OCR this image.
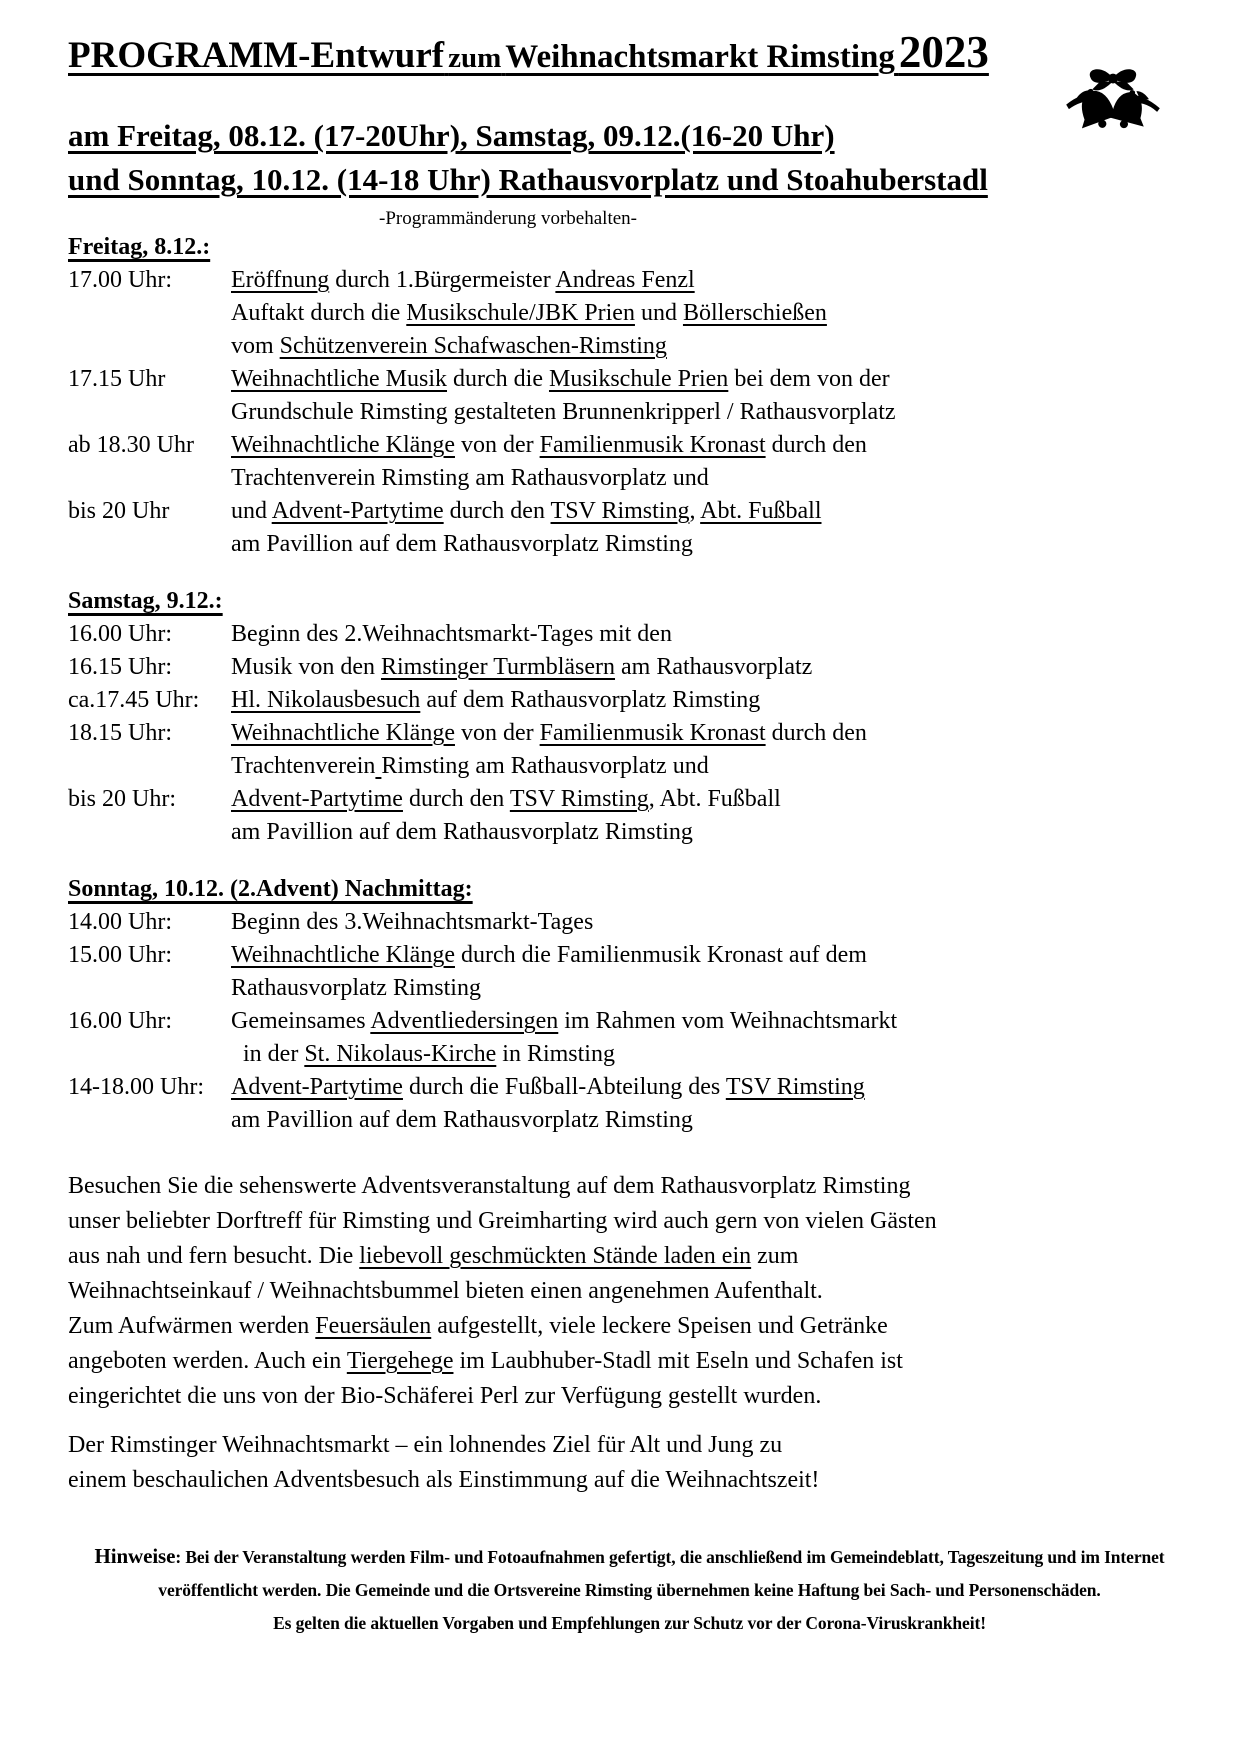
PROGRAMM-Entwurf zum Weihnachtsmarkt Rimsting 2023
am Freitag, 08.12. (17-20Uhr), Samstag, 09.12.(16-20 Uhr)
und Sonntag, 10.12. (14-18 Uhr) Rathausvorplatz und Stoahuberstadl
-Programmänderung vorbehalten-
Freitag, 8.12.:
17.00 Uhr: Eröffnung durch 1.Bürgermeister Andreas Fenzl
Auftakt durch die Musikschule/JBK Prien und Böllerschießen
vom Schützenverein Schafwaschen-Rimsting
17.15 Uhr	Weihnachtliche Musik durch die Musikschule Prien bei dem von der
Grundschule Rimsting gestalteten Brunnenkripperl / Rathausvorplatz
ab 18.30 Uhr Weihnachtliche Klänge von der Familienmusik Kronast durch den
Trachtenverein Rimsting am Rathausvorplatz und
bis 20 Uhr	und Advent-Partytime durch den TSV Rimsting, Abt. Fußball
am Pavillion auf dem Rathausvorplatz Rimsting
Samstag, 9.12.:
16.00 Uhr: Beginn des 2.Weihnachtsmarkt-Tages mit den
16.15 Uhr: Musik von den Rimstinger Turmbläsern am Rathausvorplatz
ca.17.45 Uhr: Hl. Nikolausbesuch auf dem Rathausvorplatz Rimsting
18.15 Uhr: Weihnachtliche Klänge von der Familienmusik Kronast durch den
Trachtenverein Rimsting am Rathausvorplatz und
bis 20 Uhr: Advent-Partytime durch den TSV Rimsting, Abt. Fußball
am Pavillion auf dem Rathausvorplatz Rimsting
Sonntag, 10.12. (2.Advent) Nachmittag:
14.00 Uhr: Beginn des 3.Weihnachtsmarkt-Tages
15.00 Uhr: Weihnachtliche Klänge durch die Familienmusik Kronast auf dem
Rathausvorplatz Rimsting
16.00 Uhr: Gemeinsames Adventliedersingen im Rahmen vom Weihnachtsmarkt
in der St. Nikolaus-Kirche in Rimsting
14-18.00 Uhr: Advent-Partytime durch die Fußball-Abteilung des TSV Rimsting
am Pavillion auf dem Rathausvorplatz Rimsting
Besuchen Sie die sehenswerte Adventsveranstaltung auf dem Rathausvorplatz Rimsting
unser beliebter Dorftreff für Rimsting und Greimharting wird auch gern von vielen Gästen
aus nah und fern besucht. Die liebevoll geschmückten Stände laden ein zum
Weihnachtseinkauf / Weihnachtsbummel bieten einen angenehmen Aufenthalt.
Zum Aufwärmen werden Feuersäulen aufgestellt, viele leckere Speisen und Getränke
angeboten werden. Auch ein Tiergehege im Laubhuber-Stadl mit Eseln und Schafen ist
eingerichtet die uns von der Bio-Schäferei Perl zur Verfügung gestellt wurden.
Der Rimstinger Weihnachtsmarkt – ein lohnendes Ziel für Alt und Jung zu
einem beschaulichen Adventsbesuch als Einstimmung auf die Weihnachtszeit!
Hinweise: Bei der Veranstaltung werden Film- und Fotoaufnahmen gefertigt, die anschließend im Gemeindeblatt, Tageszeitung und im Internet
veröffentlicht werden. Die Gemeinde und die Ortsvereine Rimsting übernehmen keine Haftung bei Sach- und Personenschäden.
Es gelten die aktuellen Vorgaben und Empfehlungen zur Schutz vor der Corona-Viruskrankheit!
